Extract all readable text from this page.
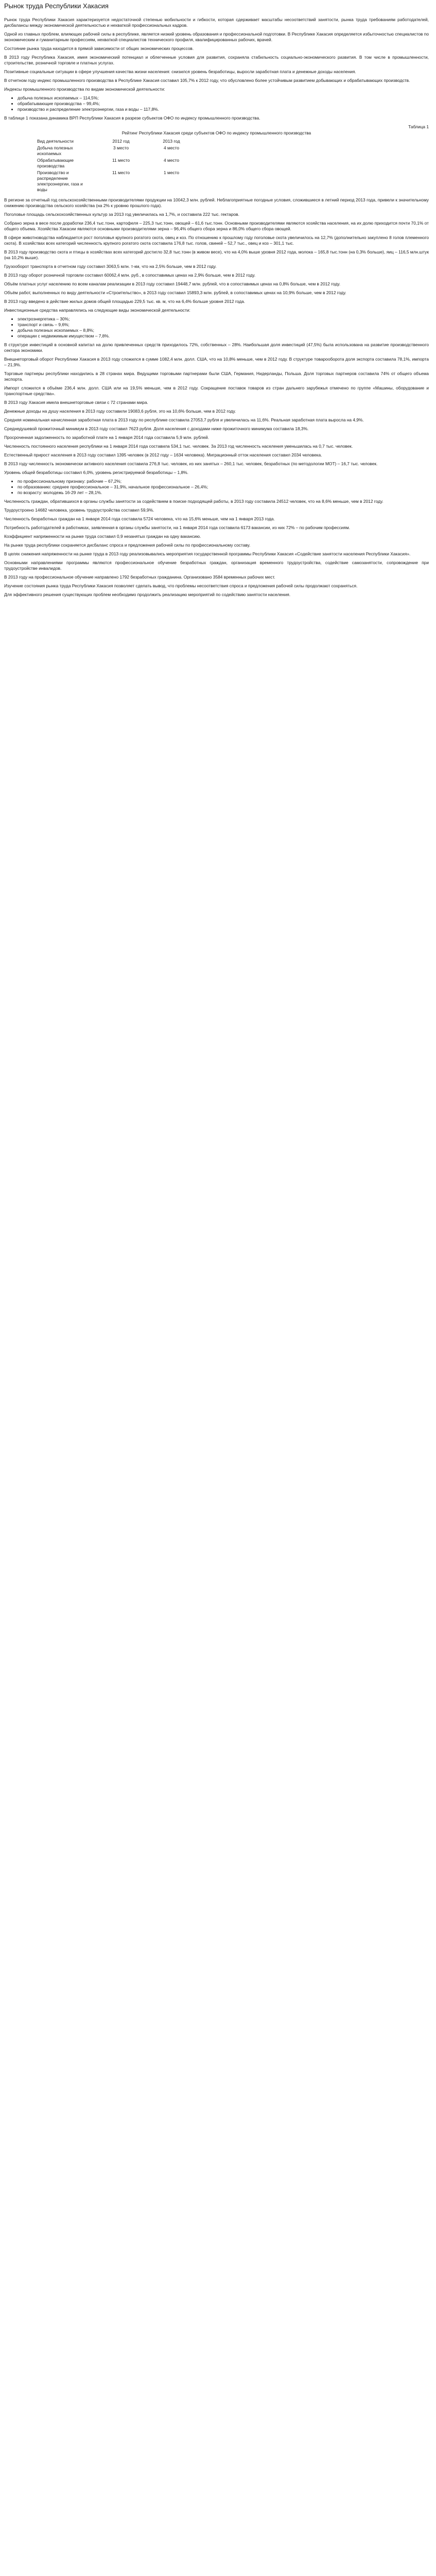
Рынок труда Республики Хакасия

Рынок труда Республики Хакасия характеризуется недостаточной степенью мобильности и гибкости, которая сдерживает масштабы несоответствий занятости, рынка труда требованиям работодателей, дисбалансы между экономической деятельностью и нехваткой профессиональных кадров.

Одной из главных проблем, влияющих рабочей силы в республике, является низкий уровень образования и профессиональной подготовки. В Республике Хакасия определяется избыточностью специалистов по экономическим и гуманитарным профессиям, нехваткой специалистов технического профиля, квалифицированных рабочих, врачей.

Состояние рынка труда находится в прямой зависимости от общих экономических процессов.

В 2013 году Республика Хакасия, имея экономический потенциал и облегченные условия для развития, сохраняла стабильность социально-экономического развития. В том числе в промышленности, строительстве, розничной торговле и платных услугах.

Позитивные социальные ситуации в сфере улучшения качества жизни населения: снизился уровень безработицы, выросли заработная плата и денежные доходы населения.

В отчетном году индекс промышленного производства в Республике Хакасия составил 105,7% к 2012 году, что обусловлено более устойчивым развитием добывающих и обрабатывающих производств.

Индексы промышленного производства по видам экономической деятельности:

• добыча полезных ископаемых – 114,5%;
• обрабатывающие производства – 99,4%;
• производство и распределение электроэнергии, газа и воды – 117,8%.

В таблице 1 показана динамика ВРП Республики Хакасия в разрезе субъектов ОФО по индексу промышленного производства.

Таблица 1
Рейтинг Республики Хакасия среди субъектов ОФО по индексу промышленного производства
Вид деятельности	2012 год	2013 год
Добыча полезных ископаемых	3 место	4 место
Обрабатывающие производства	11 место	4 место
Производство и распределение электроэнергии, газа и воды	11 место	1 место

В регионе за отчетный год сельскохозяйственными производителями продукции на 10042,3 млн. рублей. Неблагоприятные погодные условия, сложившиеся в летний период 2013 года, привели к значительному снижению производства сельского хозяйства (на 2% к уровню прошлого года).

Поголовье площадь сельскохозяйственных культур за 2013 год увеличилась на 1,7%, и составила 222 тыс. гектаров.

Собрано зерна в весе после доработки 236,4 тыс.тонн, картофеля – 225,3 тыс.тонн, овощей – 61,6 тыс.тонн. Основными производителями являются хозяйства населения, на их долю приходится почти 70,1% от общего объема. Хозяйства Хакасии являются основными производителями зерна – 96,4% общего сбора зерна и 86,0% общего сбора овощей.

В сфере животноводства наблюдается рост поголовья крупного рогатого скота, овец и коз. По отношению к прошлому году поголовье скота увеличилось на 12,7% (дополнительно закуплено 8 голов племенного скота). В хозяйствах всех категорий численность крупного рогатого скота составила 176,8 тыс. голов, свиней – 52,7 тыс., овец и коз – 301,1 тыс.

В 2013 году производство скота и птицы в хозяйствах всех категорий достигло 32,8 тыс.тонн (в живом весе), что на 4,0% выше уровня 2012 года, молока – 165,8 тыс.тонн (на 0,3% больше), яиц – 116,5 млн.штук (на 10,2% выше).

Грузооборот транспорта в отчетном году составил 3063,5 млн. т-км, что на 2,5% больше, чем в 2012 году.

В 2013 году оборот розничной торговли составил 60062,4 млн. руб., в сопоставимых ценах на 2,9% больше, чем в 2012 году.

Объём платных услуг населению по всем каналам реализации в 2013 году составил 19448,7 млн. рублей, что в сопоставимых ценах на 0,8% больше, чем в 2012 году.

Объём работ, выполненных по виду деятельности «Строительство», в 2013 году составил 15893,3 млн. рублей, в сопоставимых ценах на 10,9% больше, чем в 2012 году.

В 2013 году введено в действие жилых домов общей площадью 229,5 тыс. кв. м, что на 6,4% больше уровня 2012 года.

Инвестиционные средства направлялись на следующие виды экономической деятельности:

• электроэнергетика – 30%;
• транспорт и связь – 9,6%;
• добыча полезных ископаемых – 8,8%;
• операции с недвижимым имуществом – 7,8%.

В структуре инвестиций в основной капитал на долю привлеченных средств приходилось 72%, собственных – 28%. Наибольшая доля инвестиций (47,5%) была использована на развитие производственного сектора экономики.

Внешнеторговый оборот Республики Хакасия в 2013 году сложился в сумме 1082,4 млн. долл. США, что на 10,8% меньше, чем в 2012 году. В структуре товарооборота доля экспорта составила 78,1%, импорта – 21,9%.

Торговые партнеры республики находились в 28 странах мира. Ведущими торговыми партнерами были США, Германия, Нидерланды, Польша. Доля торговых партнеров составила 74% от общего объема экспорта.

Импорт сложился в объёме 236,4 млн. долл. США или на 19,5% меньше, чем в 2012 году. Сокращение поставок товаров из стран дальнего зарубежья отмечено по группе «Машины, оборудование и транспортные средства».

В 2013 году Хакасия имела внешнеторговые связи с 72 странами мира.

Денежные доходы на душу населения в 2013 году составили 19083,6 рубля, это на 10,6% больше, чем в 2012 году.

Средняя номинальная начисленная заработная плата в 2013 году по республике составила 27053,7 рубля и увеличилась на 11,6%. Реальная заработная плата выросла на 4,9%.

Среднедушевой прожиточный минимум в 2013 году составил 7623 рубля. Доля населения с доходами ниже прожиточного минимума составила 18,3%.

Просроченная задолженность по заработной плате на 1 января 2014 года составила 5,9 млн. рублей.

Численность постоянного населения республики на 1 января 2014 года составила 534,1 тыс. человек. За 2013 год численность населения уменьшилась на 0,7 тыс. человек.

Естественный прирост населения в 2013 году составил 1395 человек (в 2012 году – 1634 человека). Миграционный отток населения составил 2034 человека.

В 2013 году численность экономически активного населения составила 276,8 тыс. человек, из них занятых – 260,1 тыс. человек, безработных (по методологии МОТ) – 16,7 тыс. человек.

Уровень общей безработицы составил 6,0%, уровень регистрируемой безработицы – 1,8%.

• по профессиональному признаку: рабочие – 67,2%;
• по образованию: среднее профессиональное – 31,9%, начальное профессиональное – 26,4%;
• по возрасту: молодежь 16-29 лет – 28,1%.

Численность граждан, обратившихся в органы службы занятости за содействием в поиске подходящей работы, в 2013 году составила 24512 человек, что на 8,6% меньше, чем в 2012 году.

Трудоустроено 14682 человека, уровень трудоустройства составил 59,9%.

Численность безработных граждан на 1 января 2014 года составила 5724 человека, что на 15,6% меньше, чем на 1 января 2013 года.

Потребность работодателей в работниках, заявленная в органы службы занятости, на 1 января 2014 года составила 6173 вакансии, из них 72% – по рабочим профессиям.

Коэффициент напряженности на рынке труда составил 0,9 незанятых граждан на одну вакансию.

На рынке труда республики сохраняется дисбаланс спроса и предложения рабочей силы по профессиональному составу.

В целях снижения напряженности на рынке труда в 2013 году реализовывались мероприятия государственной программы Республики Хакасия «Содействие занятости населения Республики Хакасия».

Основными направлениями программы являются профессиональное обучение безработных граждан, организация временного трудоустройства, содействие самозанятости, сопровождение при трудоустройстве инвалидов.

В 2013 году на профессиональное обучение направлено 1792 безработных гражданина. Организовано 3584 временных рабочих мест.

Изучение состояния рынка труда Республики Хакасия позволяет сделать вывод, что проблемы несоответствия спроса и предложения рабочей силы продолжают сохраняться.

Для эффективного решения существующих проблем необходимо продолжить реализацию мероприятий по содействию занятости населения.
